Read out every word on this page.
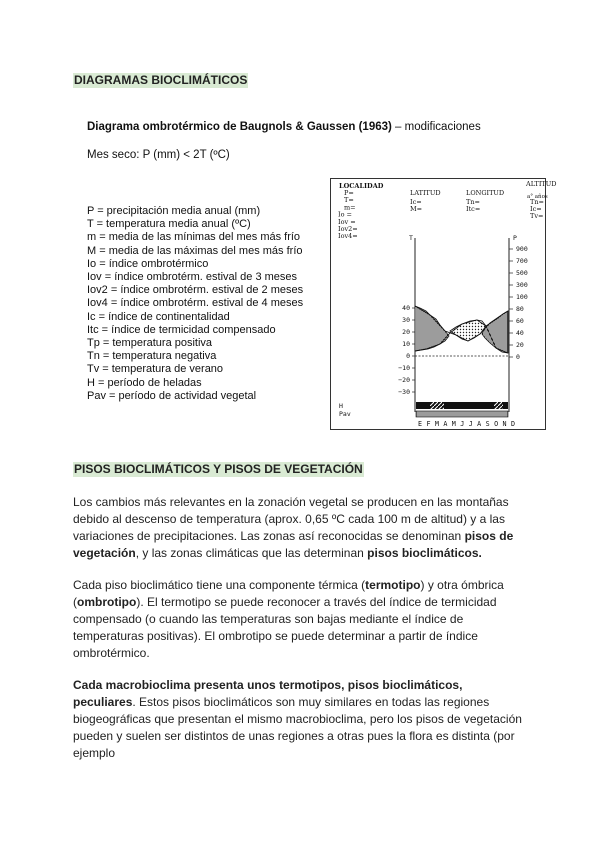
DIAGRAMAS BIOCLIMÁTICOS
Diagrama ombrotérmico de Baugnols & Gaussen (1963) – modificaciones
Mes seco: P (mm) < 2T (ºC)
P = precipitación media anual (mm)
T = temperatura media anual (ºC)
m = media de las mínimas del mes más frío
M = media de las máximas del mes más frío
Io = índice ombrotérmico
Iov = índice ombrotérm. estival de 3 meses
Iov2 = índice ombrotérm. estival de 2 meses
Iov4 = índice ombrotérm. estival de 4 meses
Ic = índice de continentalidad
Itc = índice de termicidad compensado
Tp = temperatura positiva
Tn = temperatura negativa
Tv = temperatura de verano
H = período de heladas
Pav = período de actividad vegetal
LOCALIDAD
LATITUD	LONGITUD
ALTITUD
a° años
P=
T=
m=
Io =
Iov =
Iov2=
Iov4=
Ic=
M=
Tn=
Itc=
Tn=
Ic=
Tv=
T	P
40
30
20
10
0
−10
−20
−30
900
700
500
300
100
80
60
40
20
0
H
Pav
E F M A M J J A S O N D
PISOS BIOCLIMÁTICOS Y PISOS DE VEGETACIÓN
Los cambios más relevantes en la zonación vegetal se producen en las montañas debido al descenso de temperatura (aprox. 0,65 ºC cada 100 m de altitud) y a las variaciones de precipitaciones. Las zonas así reconocidas se denominan pisos de vegetación, y las zonas climáticas que las determinan pisos bioclimáticos.
Cada piso bioclimático tiene una componente térmica (termotipo) y otra ómbrica (ombrotipo). El termotipo se puede reconocer a través del índice de termicidad compensado (o cuando las temperaturas son bajas mediante el índice de temperaturas positivas). El ombrotipo se puede determinar a partir de índice ombrotérmico.
Cada macrobioclima presenta unos termotipos, pisos bioclimáticos, peculiares. Estos pisos bioclimáticos son muy similares en todas las regiones biogeográficas que presentan el mismo macrobioclima, pero los pisos de vegetación pueden y suelen ser distintos de unas regiones a otras pues la flora es distinta (por ejemplo
